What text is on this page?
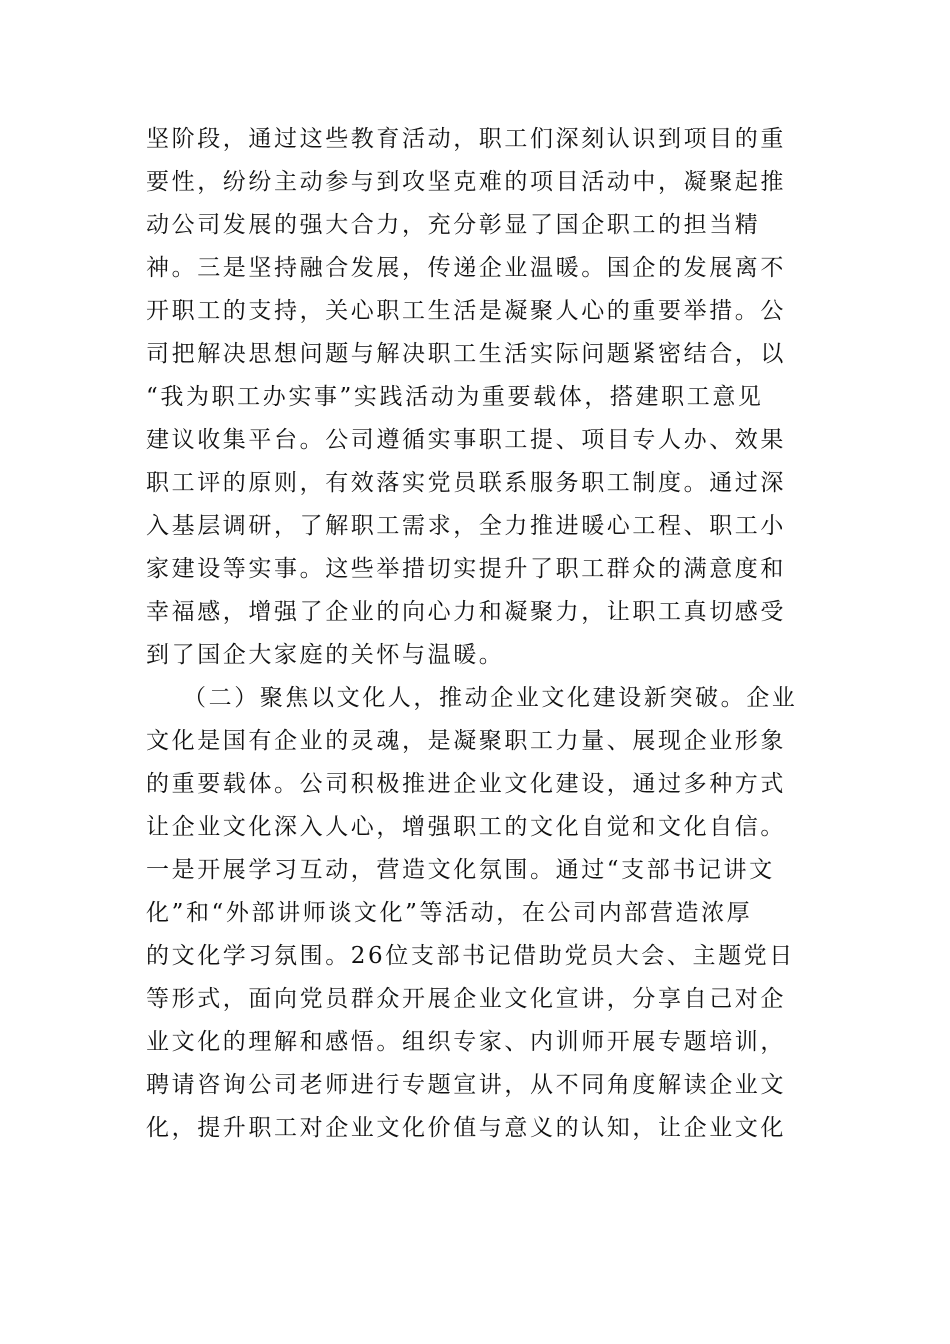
坚阶段，通过这些教育活动，职工们深刻认识到项目的重
要性，纷纷主动参与到攻坚克难的项目活动中，凝聚起推
动公司发展的强大合力，充分彰显了国企职工的担当精
神。三是坚持融合发展，传递企业温暖。国企的发展离不
开职工的支持，关心职工生活是凝聚人心的重要举措。公
司把解决思想问题与解决职工生活实际问题紧密结合，以
“我为职工办实事”实践活动为重要载体，搭建职工意见
建议收集平台。公司遵循实事职工提、项目专人办、效果
职工评的原则，有效落实党员联系服务职工制度。通过深
入基层调研，了解职工需求，全力推进暖心工程、职工小
家建设等实事。这些举措切实提升了职工群众的满意度和
幸福感，增强了企业的向心力和凝聚力，让职工真切感受
到了国企大家庭的关怀与温暖。
（二）聚焦以文化人，推动企业文化建设新突破。企业
文化是国有企业的灵魂，是凝聚职工力量、展现企业形象
的重要载体。公司积极推进企业文化建设，通过多种方式
让企业文化深入人心，增强职工的文化自觉和文化自信。
一是开展学习互动，营造文化氛围。通过“支部书记讲文
化”和“外部讲师谈文化”等活动，在公司内部营造浓厚
的文化学习氛围。26位支部书记借助党员大会、主题党日
等形式，面向党员群众开展企业文化宣讲，分享自己对企
业文化的理解和感悟。组织专家、内训师开展专题培训，
聘请咨询公司老师进行专题宣讲，从不同角度解读企业文
化，提升职工对企业文化价值与意义的认知，让企业文化
